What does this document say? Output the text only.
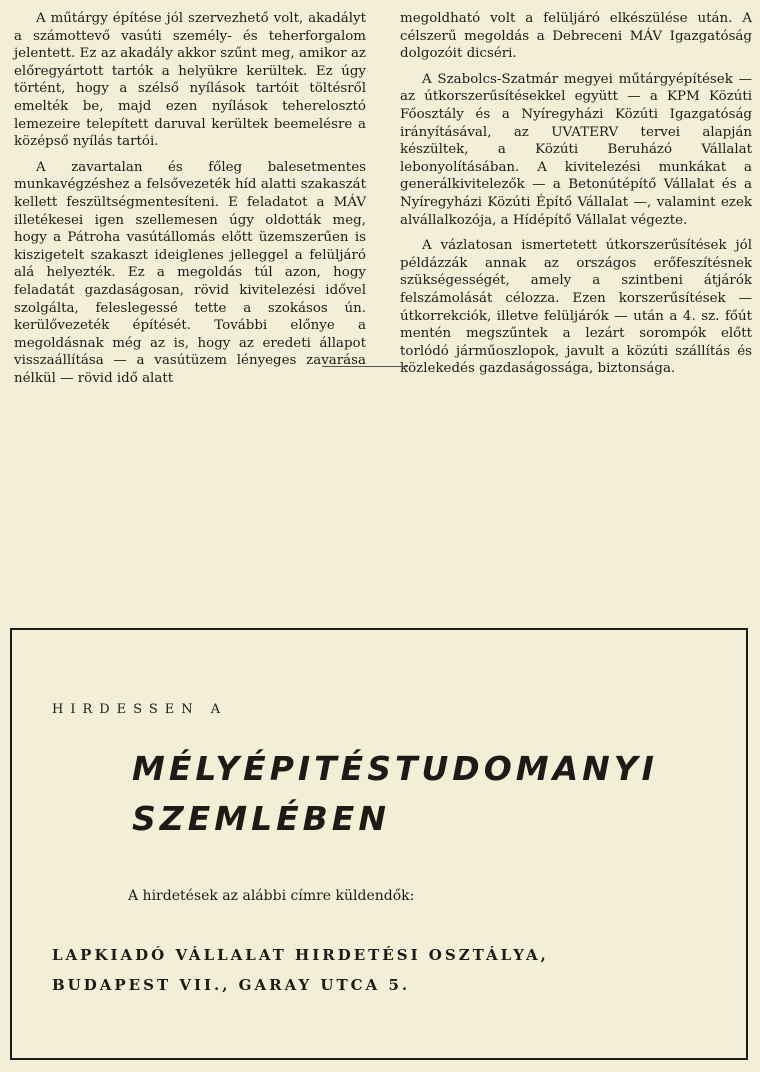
A műtárgy építése jól szervezhető volt, akadályt a számottevő vasúti személy- és teherforgalom jelentett. Ez az akadály akkor szűnt meg, amikor az előregyártott tartók a helyükre kerültek. Ez úgy történt, hogy a szélső nyílások tartóit töltésről emelték be, majd ezen nyílások teherelosztó lemezeire telepített daruval kerültek beemelésre a középső nyílás tartói.

A zavartalan és főleg balesetmentes munkavégzéshez a felsővezeték híd alatti szakaszát kellett feszültségmentesíteni. E feladatot a MÁV illetékesei igen szellemesen úgy oldották meg, hogy a Pátroha vasútállomás előtt üzemszerűen is kiszigetelt szakaszt ideiglenes jelleggel a felüljáró alá helyezték. Ez a megoldás túl azon, hogy feladatát gazdaságosan, rövid kivitelezési idővel szolgálta, feleslegessé tette a szokásos ún. kerülővezeték építését. További előnye a megoldásnak még az is, hogy az eredeti állapot visszaállítása — a vasútüzem lényeges zavarása nélkül — rövid idő alatt

megoldható volt a felüljáró elkészülése után. A célszerű megoldás a Debreceni MÁV Igazgatóság dolgozóit dicséri.

A Szabolcs-Szatmár megyei műtárgyépítések — az útkorszerűsítésekkel együtt — a KPM Közúti Főosztály és a Nyíregyházi Közúti Igazgatóság irányításával, az UVATERV tervei alapján készültek, a Közúti Beruházó Vállalat lebonyolításában. A kivitelezési munkákat a generálkivitelezők — a Betonútépítő Vállalat és a Nyíregyházi Közúti Építő Vállalat —, valamint ezek alvállalkozója, a Hídépítő Vállalat végezte.

A vázlatosan ismertetett útkorszerűsítések jól példázzák annak az országos erőfeszítésnek szükségességét, amely a szintbeni átjárók felszámolását célozza. Ezen korszerűsítések — útkorrekciók, illetve felüljárók — után a 4. sz. főút mentén megszűntek a lezárt sorompók előtt torlódó járműoszlopok, javult a közúti szállítás és közlekedés gazdaságossága, biztonsága.

HIRDESSEN A
MÉLYÉPITÉSTUDOMANYI
SZEMLÉBEN
A hirdetések az alábbi címre küldendők:
LAPKIADÓ VÁLLALAT HIRDETÉSI OSZTÁLYA,
BUDAPEST VII., GARAY UTCA 5.
